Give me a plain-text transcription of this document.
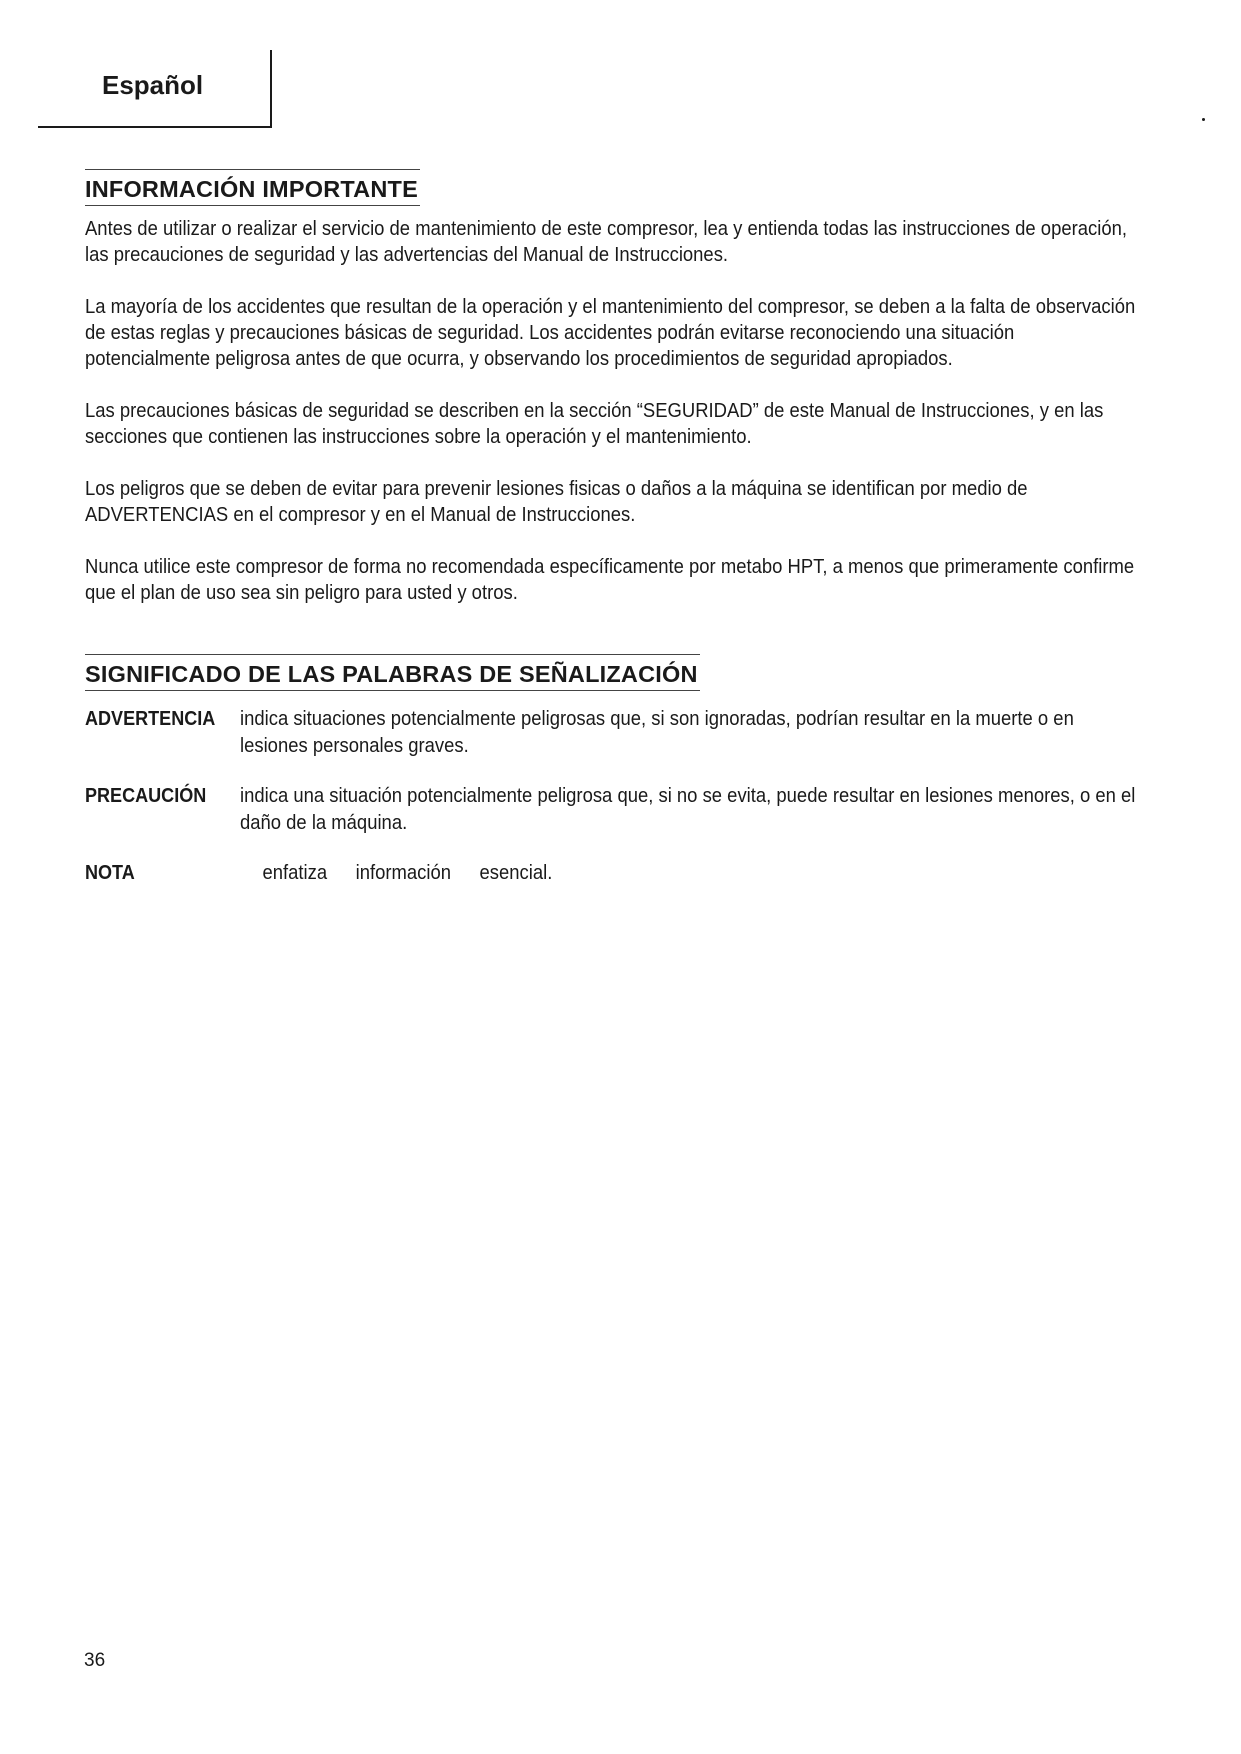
Español
INFORMACIÓN IMPORTANTE

Antes de utilizar o realizar el servicio de mantenimiento de este compresor, lea y entienda todas las instrucciones de operación, las precauciones de seguridad y las advertencias del Manual de Instrucciones.

La mayoría de los accidentes que resultan de la operación y el mantenimiento del compresor, se deben a la falta de observación de estas reglas y precauciones básicas de seguridad. Los accidentes podrán evitarse reconociendo una situación potencialmente peligrosa antes de que ocurra, y observando los procedimientos de seguridad apropiados.

Las precauciones básicas de seguridad se describen en la sección “SEGURIDAD” de este Manual de Instrucciones, y en las secciones que contienen las instrucciones sobre la operación y el mantenimiento.

Los peligros que se deben de evitar para prevenir lesiones fisicas o daños a la máquina se identifican por medio de ADVERTENCIAS en el compresor y en el Manual de Instrucciones.

Nunca utilice este compresor de forma no recomendada específicamente por metabo HPT, a menos que primeramente confirme que el plan de uso sea sin peligro para usted y otros.

SIGNIFICADO DE LAS PALABRAS DE SEÑALIZACIÓN
ADVERTENCIA indica situaciones potencialmente peligrosas que, si son ignoradas, podrían resultar en la muerte o en lesiones personales graves.
PRECAUCIÓN	indica una situación potencialmente peligrosa que, si no se evita, puede resultar en lesiones menores, o en el daño de la máquina.
NOTA	enfatiza información esencial.
36
